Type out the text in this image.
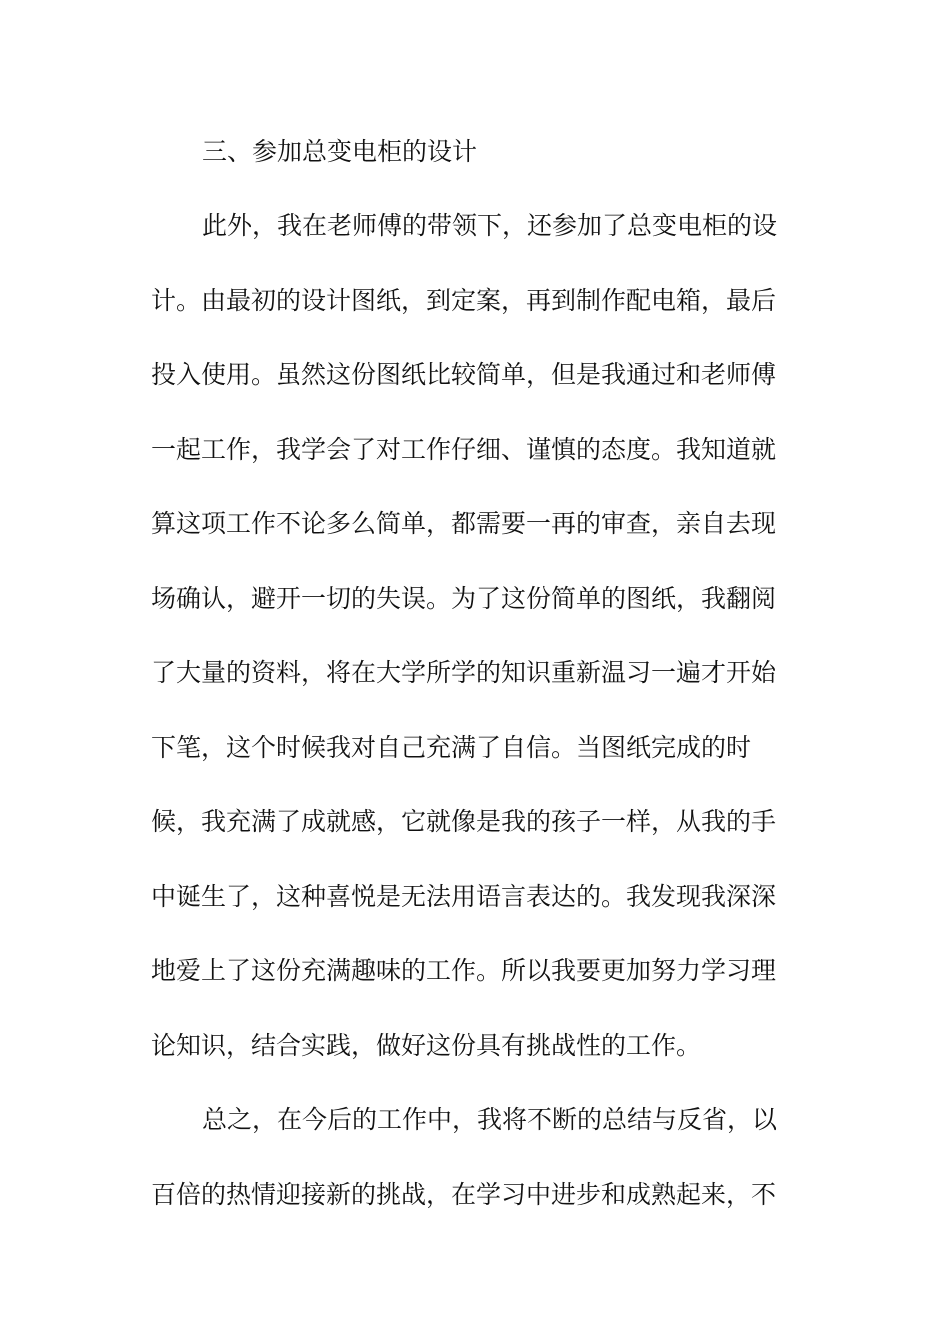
三、参加总变电柜的设计
此外，我在老师傅的带领下，还参加了总变电柜的设
计。由最初的设计图纸，到定案，再到制作配电箱，最后
投入使用。虽然这份图纸比较简单，但是我通过和老师傅
一起工作，我学会了对工作仔细、谨慎的态度。我知道就
算这项工作不论多么简单，都需要一再的审查，亲自去现
场确认，避开一切的失误。为了这份简单的图纸，我翻阅
了大量的资料，将在大学所学的知识重新温习一遍才开始
下笔，这个时候我对自己充满了自信。当图纸完成的时
候，我充满了成就感，它就像是我的孩子一样，从我的手
中诞生了，这种喜悦是无法用语言表达的。我发现我深深
地爱上了这份充满趣味的工作。所以我要更加努力学习理
论知识，结合实践，做好这份具有挑战性的工作。
总之，在今后的工作中，我将不断的总结与反省，以
百倍的热情迎接新的挑战，在学习中进步和成熟起来，不
